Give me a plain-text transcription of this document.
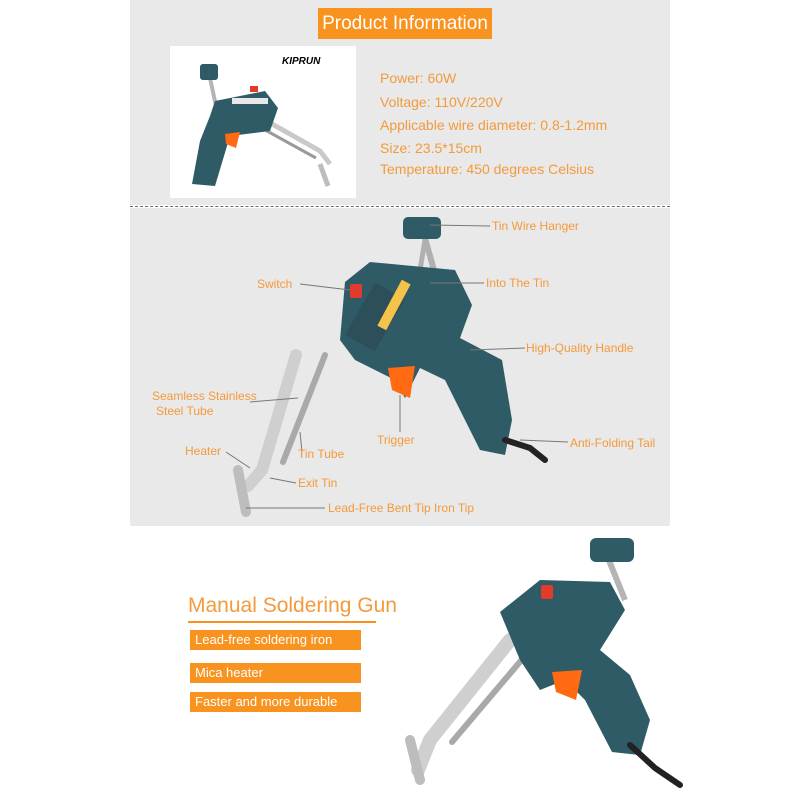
Product Information
KIPRUN
Power: 60W
Voltage: 110V/220V
Applicable wire diameter: 0.8-1.2mm
Size: 23.5*15cm
Temperature: 450 degrees Celsius
Tin Wire Hanger
Switch	Into The Tin
High-Quality Handle
Seamless Stainless
Steel Tube
Heater
Trigger	Anti-Folding Tail
Tin Tube
Exit Tin
Lead-Free Bent Tip Iron Tip
Manual Soldering Gun
Lead-free soldering iron
Mica heater
Faster and more durable
